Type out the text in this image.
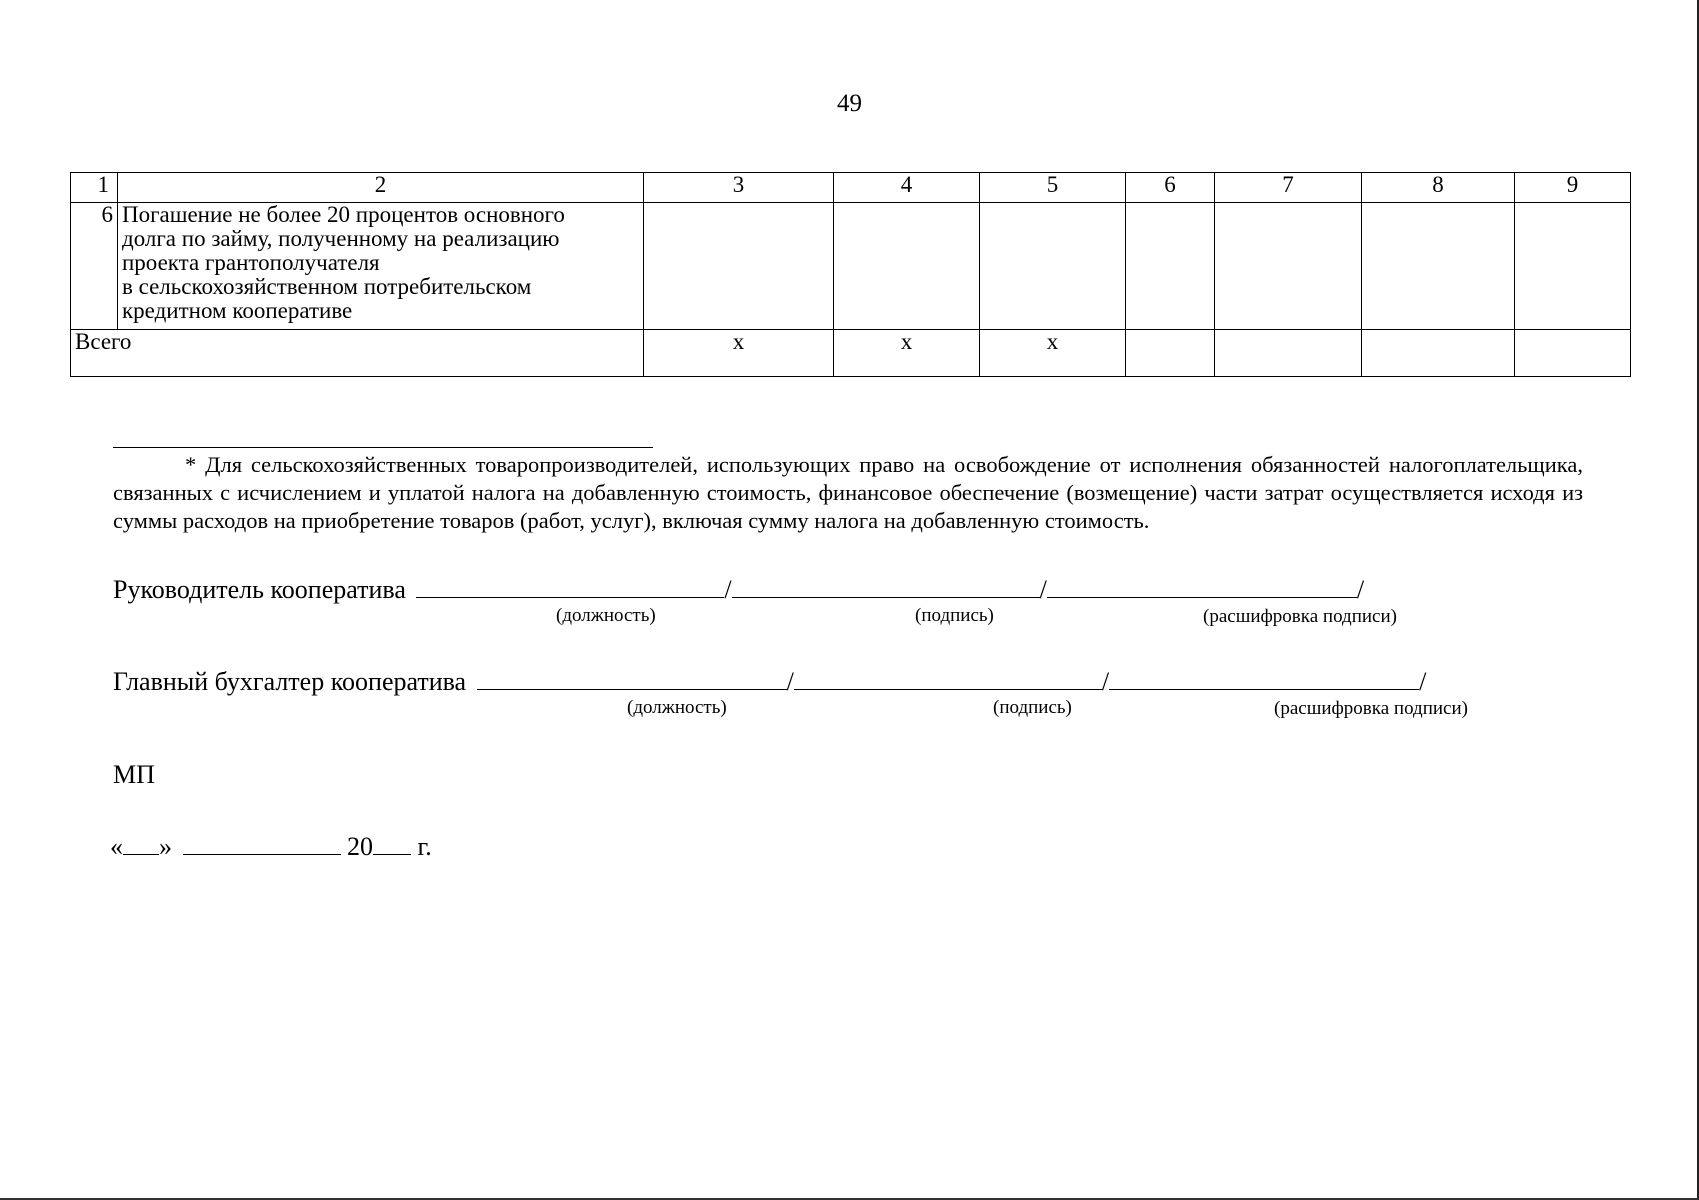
49
1	2	3	4	5	6	7	8	9
6	Погашение не более 20 процентов основного
долга по займу, полученному на реализацию
проекта грантополучателя
в сельскохозяйственном потребительском
кредитном кооперативе							
Всего		х	х	х				
* Для сельскохозяйственных товаропроизводителей, использующих право на освобождение от исполнения обязанностей налогоплательщика, связанных с исчислением и уплатой налога на добавленную стоимость, финансовое обеспечение (возмещение) части затрат осуществляется исходя из суммы расходов на приобретение товаров (работ, услуг), включая сумму налога на добавленную стоимость.
Руководитель кооператива	/	/	/
(должность)	(подпись)	(расшифровка подписи)
Главный бухгалтер кооператива	/	/	/
(должность)	(подпись)	(расшифровка подписи)
МП
« »	20 г.
